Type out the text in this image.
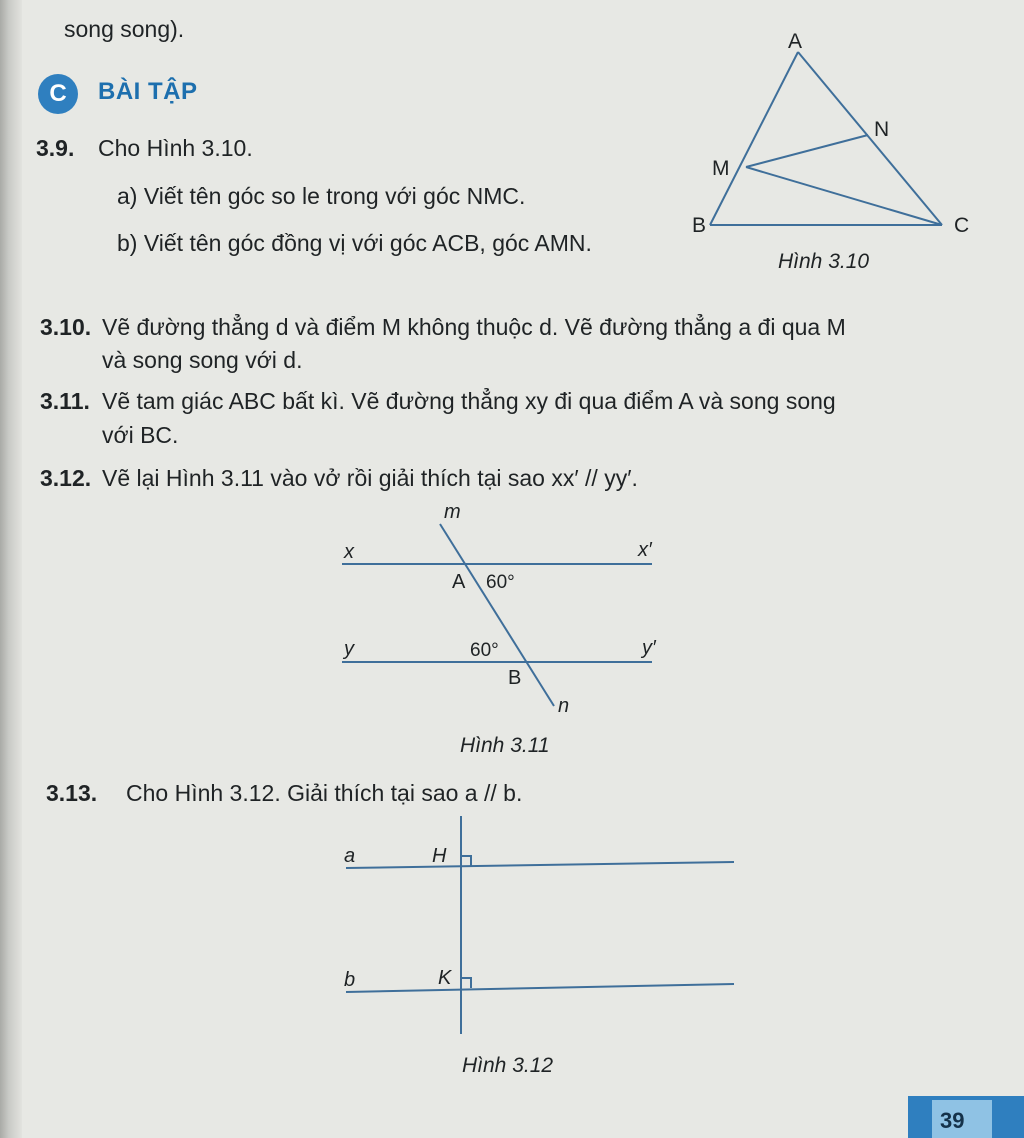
song song).
C	BÀI TẬP
3.9. Cho Hình 3.10.
a) Viết tên góc so le trong với góc NMC.
b) Viết tên góc đồng vị với góc ACB, góc AMN.
A
N
M
B	C
Hình 3.10
3.10. Vẽ đường thẳng d và điểm M không thuộc d. Vẽ đường thẳng a đi qua M
và song song với d.
3.11. Vẽ tam giác ABC bất kì. Vẽ đường thẳng xy đi qua điểm A và song song
với BC.
3.12. Vẽ lại Hình 3.11 vào vở rồi giải thích tại sao xx′ // yy′.
m
x	x′
A 60°
y	60°	y′
B
n
Hình 3.11
3.13. Cho Hình 3.12. Giải thích tại sao a // b.
a	H
b	K
Hình 3.12
39
